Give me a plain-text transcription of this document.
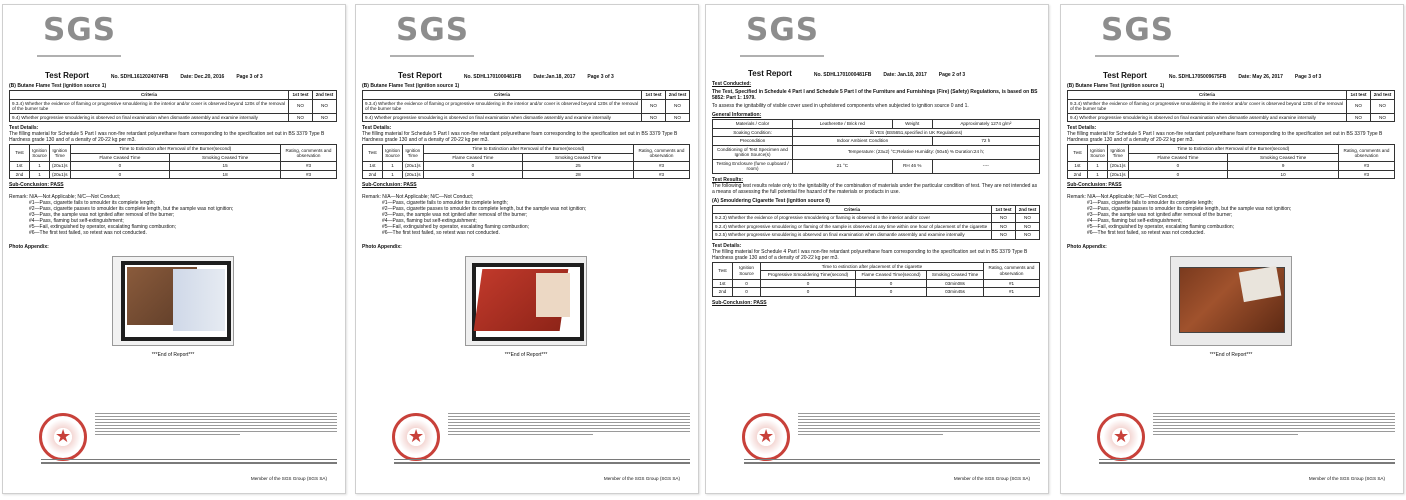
SGS
Test Report	No. SDHL1612024074FB Date: Dec.20, 2016 Page 3 of 3
(B) Butane Flame Test (ignition source 1)
Criteria	1st test	2nd test
9.3.4) Whether the evidence of flaming or progressive smouldering in the interior and/or cover is observed beyond 120s of the removal of the burner tube	NO	NO
9.4) Whether progressive smouldering is observed on final examination when dismantle assembly and examine internally	NO	NO
Test Details:
The filling material for Schedule 5 Part I was non-fire retardant polyurethane foam corresponding to the specification set out in BS 3379 Type B Hardness grade 130 and of a density of 20-22 kg per m3.
Test	Ignition Source	Ignition Time	Time to Extinction after Removal of the Burner(second)		Rating, comments and observation
			Flame Ceased Time	Smoking Ceased Time	
1st	1	(20±1)s	0	15	#3
2nd	1	(20±1)s	0	18	#3
Sub-Conclusion: PASS
Remark: N/A—Not Applicable; N/C—Not Conduct;
#1—Pass, cigarette fails to smoulder its complete length;
#2—Pass, cigarette passes to smoulder its complete length, but the sample was not ignition;
#3—Pass, the sample was not ignited after removal of the burner;
#4—Pass, flaming but self-extinguishment;
#5—Fail, extinguished by operator, escalating flaming combustion;
#6—The first test failed, so retest was not conducted.
Photo Appendix:
***End of Report***
★
Member of the SGS Group (SGS SA)
SGS
Test Report	No. SDHL1701000481FB Date:Jan.18, 2017 Page 3 of 3
(B) Butane Flame Test (ignition source 1)
Criteria	1st test	2nd test
9.3.4) Whether the evidence of flaming or progressive smouldering in the interior and/or cover is observed beyond 120s of the removal of the burner tube	NO	NO
9.4) Whether progressive smouldering is observed on final examination when dismantle assembly and examine internally	NO	NO
Test Details:
The filling material for Schedule 5 Part I was non-fire retardant polyurethane foam corresponding to the specification set out in BS 3379 Type B Hardness grade 130 and of a density of 20-22 kg per m3.
Test	Ignition Source	Ignition Time	Time to Extinction after Removal of the Burner(second)		Rating, comments and observation
			Flame Ceased Time	Smoking Ceased Time	
1st	1	(20±1)s	0	25	#3
2nd	1	(20±1)s	0	28	#3
Sub-Conclusion: PASS
Remark: N/A—Not Applicable; N/C—Not Conduct;
#1—Pass, cigarette fails to smoulder its complete length;
#2—Pass, cigarette passes to smoulder its complete length, but the sample was not ignition;
#3—Pass, the sample was not ignited after removal of the burner;
#4—Pass, flaming but self-extinguishment;
#5—Fail, extinguished by operator, escalating flaming combustion;
#6—The first test failed, so retest was not conducted.
Photo Appendix:
***End of Report***
★
Member of the SGS Group (SGS SA)
SGS
Test Report	No. SDHL1701000481FB Date: Jan.18, 2017 Page 2 of 3
Test Conducted:
The Test, Specified in Schedule 4 Part I and Schedule 5 Part I of the Furniture and Furnishings (Fire) (Safety) Regulations, is based on BS 5852: Part 1: 1979.
To assess the ignitability of visible cover used in upholstered components when subjected to ignition source 0 and 1.
General Information:
Materials / Color	Leatherette / Brick red	Weight	Approximately 1274 g/m²
Soaking Condition:	☒ YES (BS5651,specified in UK Regulations)		
Precondition	Indoor Ambient Condition		72 h
Conditioning of Test Specimen and Ignition Source(s)	Temperature: (23±2) °C;Relative Humidity: (50±5) % Duration:24 h;		
Testing Enclosure (fume cupboard / room)	21 °C	RH 46 %	----
Test Results:
The following test results relate only to the ignitability of the combination of materials under the particular condition of test. They are not intended as a means of assessing the full potential fire hazard of the materials or products in use.
(A) Smouldering Cigarette Test (ignition source 0)
Criteria	1st test	2nd test
9.2.3) Whether the evidence of progressive smouldering or flaming is observed in the interior and/or cover	NO	NO
9.2.4) Whether progressive smouldering or flaming of the sample is observed at any time within one hour of placement of the cigarette	NO	NO
9.2.5) Whether progressive smouldering is observed on final examination when dismantle assembly and examine internally	NO	NO
Test Details:
The filling material for Schedule 4 Part I was non-fire retardant polyurethane foam corresponding to the specification set out in BS 3379 Type B Hardness grade 130 and of a density of 20-22 kg per m3.
Test	Ignition Source	Time to extinction after placement of the cigarette			Rating, comments and observation
		Progressive Smouldering Time(second)	Flame Ceased Time(second)	Smoking Ceased Time	
1st	0	0	0	03min08s	#1
2nd	0	0	0	03min45s	#1
Sub-Conclusion: PASS
★
Member of the SGS Group (SGS SA)
SGS
Test Report	No. SDHL1705009675FB Date: May 26, 2017 Page 3 of 3
(B) Butane Flame Test (ignition source 1)
Criteria	1st test	2nd test
9.3.4) Whether the evidence of flaming or progressive smouldering in the interior and/or cover is observed beyond 120s of the removal of the burner tube	NO	NO
9.4) Whether progressive smouldering is observed on final examination when dismantle assembly and examine internally	NO	NO
Test Details:
The filling material for Schedule 5 Part I was non-fire retardant polyurethane foam corresponding to the specification set out in BS 3379 Type B Hardness grade 130 and of a density of 20-22 kg per m3.
Test	Ignition Source	Ignition Time	Time to Extinction after Removal of the Burner(second)		Rating, comments and observation
			Flame Ceased Time	Smoking Ceased Time	
1st	1	(20±1)s	0	9	#3
2nd	1	(20±1)s	0	10	#3
Sub-Conclusion: PASS
Remark: N/A—Not Applicable; N/C—Not Conduct;
#1—Pass, cigarette fails to smoulder its complete length;
#2—Pass, cigarette passes to smoulder its complete length, but the sample was not ignition;
#3—Pass, the sample was not ignited after removal of the burner;
#4—Pass, flaming but self-extinguishment;
#5—Fail, extinguished by operator, escalating flaming combustion;
#6—The first test failed, so retest was not conducted.
Photo Appendix:
***End of Report***
★
Member of the SGS Group (SGS SA)
